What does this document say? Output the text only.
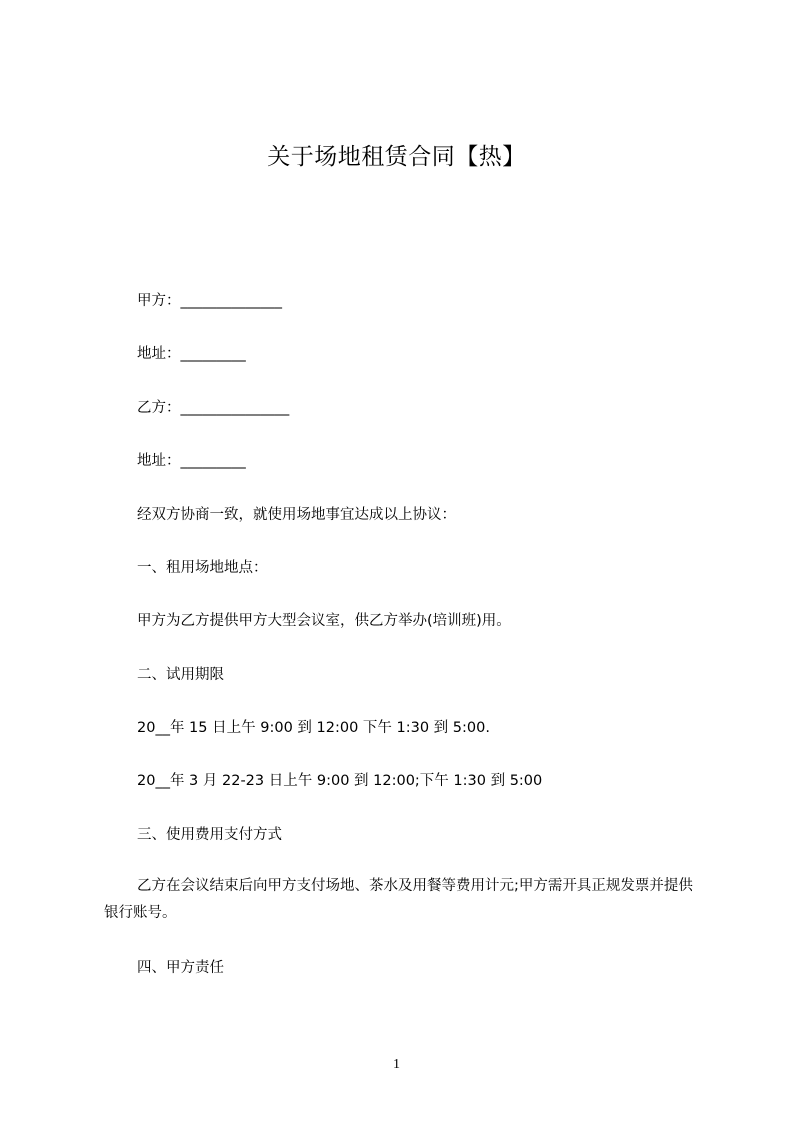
关于场地租赁合同【热】
甲方：______________
地址：_________
乙方：_______________
地址：_________
经双方协商一致，就使用场地事宜达成以上协议：
一、租用场地地点：
甲方为乙方提供甲方大型会议室，供乙方举办(培训班)用。
二、试用期限
20__年 15 日上午 9:00 到 12:00 下午 1:30 到 5:00.
20__年 3 月 22-23 日上午 9:00 到 12:00;下午 1:30 到 5:00
三、使用费用支付方式
乙方在会议结束后向甲方支付场地、茶水及用餐等费用计元;甲方需开具正规发票并提供银行账号。
四、甲方责任
1
